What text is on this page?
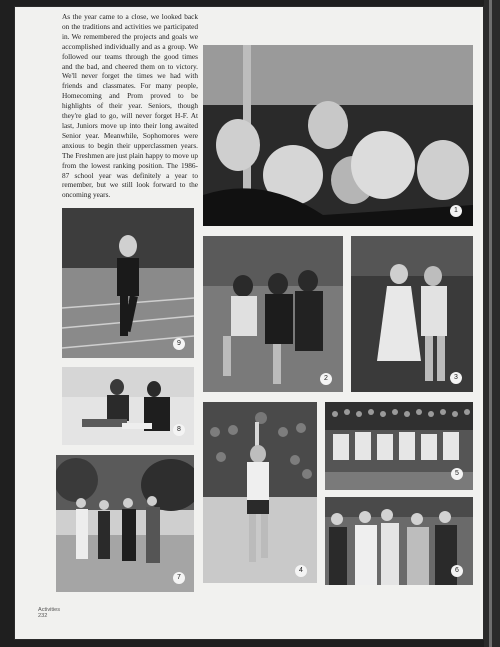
As the year came to a close, we looked back on the traditions and activities we participated in. We remembered the projects and goals we accomplished individually and as a group. We followed our teams through the good times and the bad, and cheered them on to victory. We'll never forget the times we had with friends and classmates. For many people, Homecoming and Prom proved to be highlights of their year. Seniors, though they're glad to go, will never forget H-F. At last, Juniors move up into their long awaited Senior year. Meanwhile, Sophomores were anxious to begin their upperclassmen years. The Freshmen are just plain happy to move up from the lowest ranking position. The 1986-87 school year was definitely a year to remember, but we still look forward to the oncoming years.
1
9
2	3
8
4
5
6
7
Activities
232
